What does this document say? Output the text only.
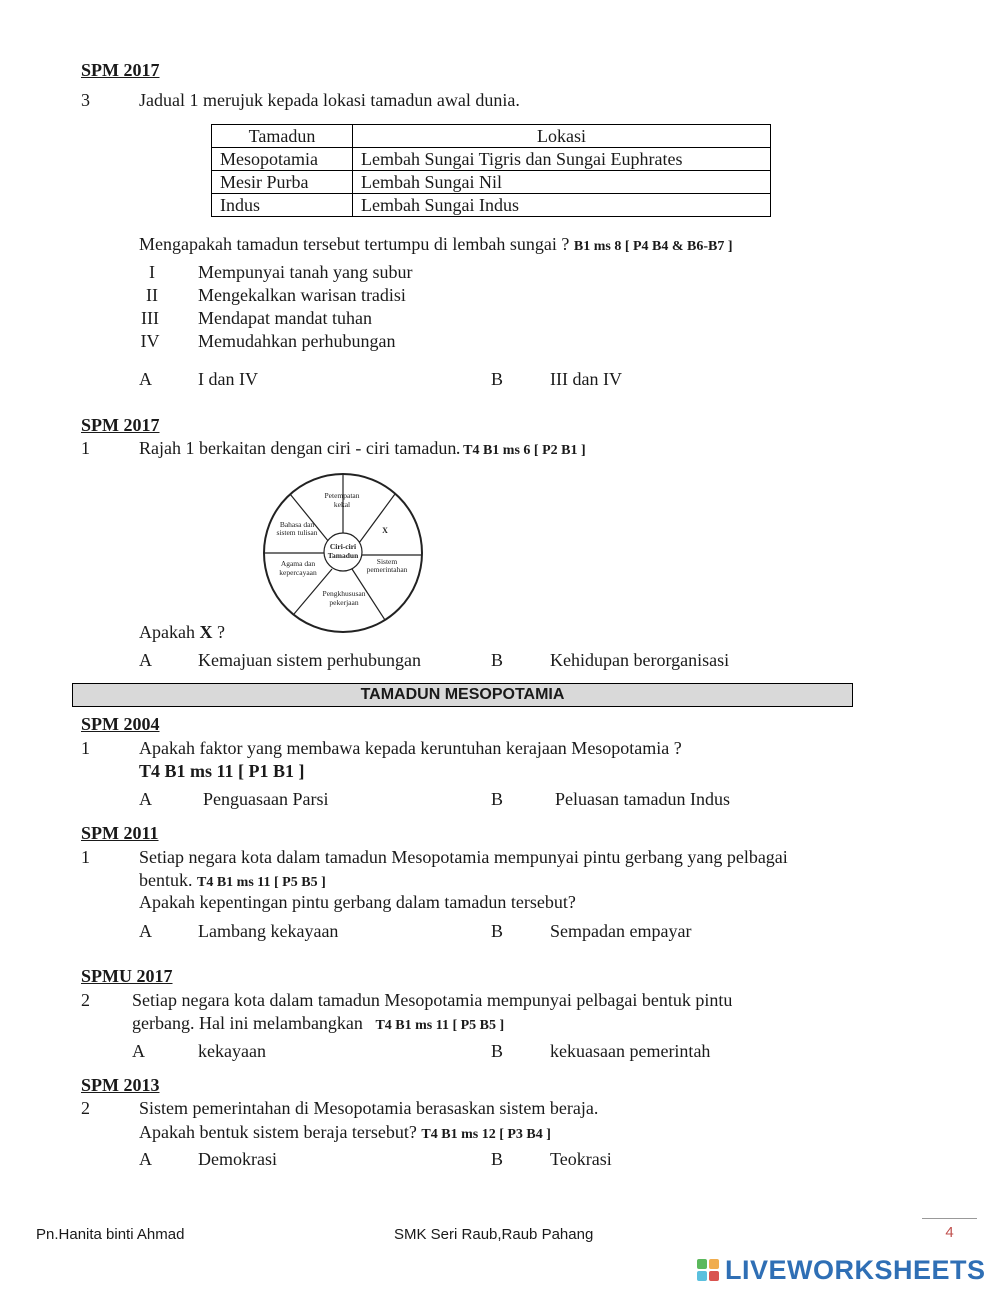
SPM 2017
3	Jadual 1 merujuk kepada lokasi tamadun awal dunia.
Tamadun	Lokasi
Mesopotamia	Lembah Sungai Tigris dan Sungai Euphrates
Mesir Purba	Lembah Sungai Nil
Indus	Lembah Sungai Indus
Mengapakah tamadun tersebut tertumpu di lembah sungai ? B1 ms 8 [ P4 B4 & B6-B7 ]
I	Mempunyai tanah yang subur
II	Mengekalkan warisan tradisi
III Mendapat mandat tuhan
IV Memudahkan perhubungan
A	I dan IV	B	III dan IV
SPM 2017
1	Rajah 1 berkaitan dengan ciri - ciri tamadun. T4 B1 ms 6 [ P2 B1 ]
Ciri-ciri
Tamadun
Petempatan
kekal
X
Sistem
pemerintahan
Pengkhususan
pekerjaan
Agama dan
kepercayaan
Bahasa dan
sistem tulisan
Apakah X ?
A	Kemajuan sistem perhubungan	B	Kehidupan berorganisasi
TAMADUN MESOPOTAMIA
SPM 2004
1	Apakah faktor yang membawa kepada keruntuhan kerajaan Mesopotamia ?
T4 B1 ms 11 [ P1 B1 ]
A	Penguasaan Parsi	B	Peluasan tamadun Indus
SPM 2011
1	Setiap negara kota dalam tamadun Mesopotamia mempunyai pintu gerbang yang pelbagai
bentuk. T4 B1 ms 11 [ P5 B5 ]
Apakah kepentingan pintu gerbang dalam tamadun tersebut?
A	Lambang kekayaan	B	Sempadan empayar
SPMU 2017
2 Setiap negara kota dalam tamadun Mesopotamia mempunyai pelbagai bentuk pintu
gerbang. Hal ini melambangkan T4 B1 ms 11 [ P5 B5 ]
A	kekayaan	B	kekuasaan pemerintah
SPM 2013
2	Sistem pemerintahan di Mesopotamia berasaskan sistem beraja.
Apakah bentuk sistem beraja tersebut? T4 B1 ms 12 [ P3 B4 ]
A	Demokrasi	B	Teokrasi
Pn.Hanita binti Ahmad	SMK Seri Raub,Raub Pahang	4
LIVEWORKSHEETS
